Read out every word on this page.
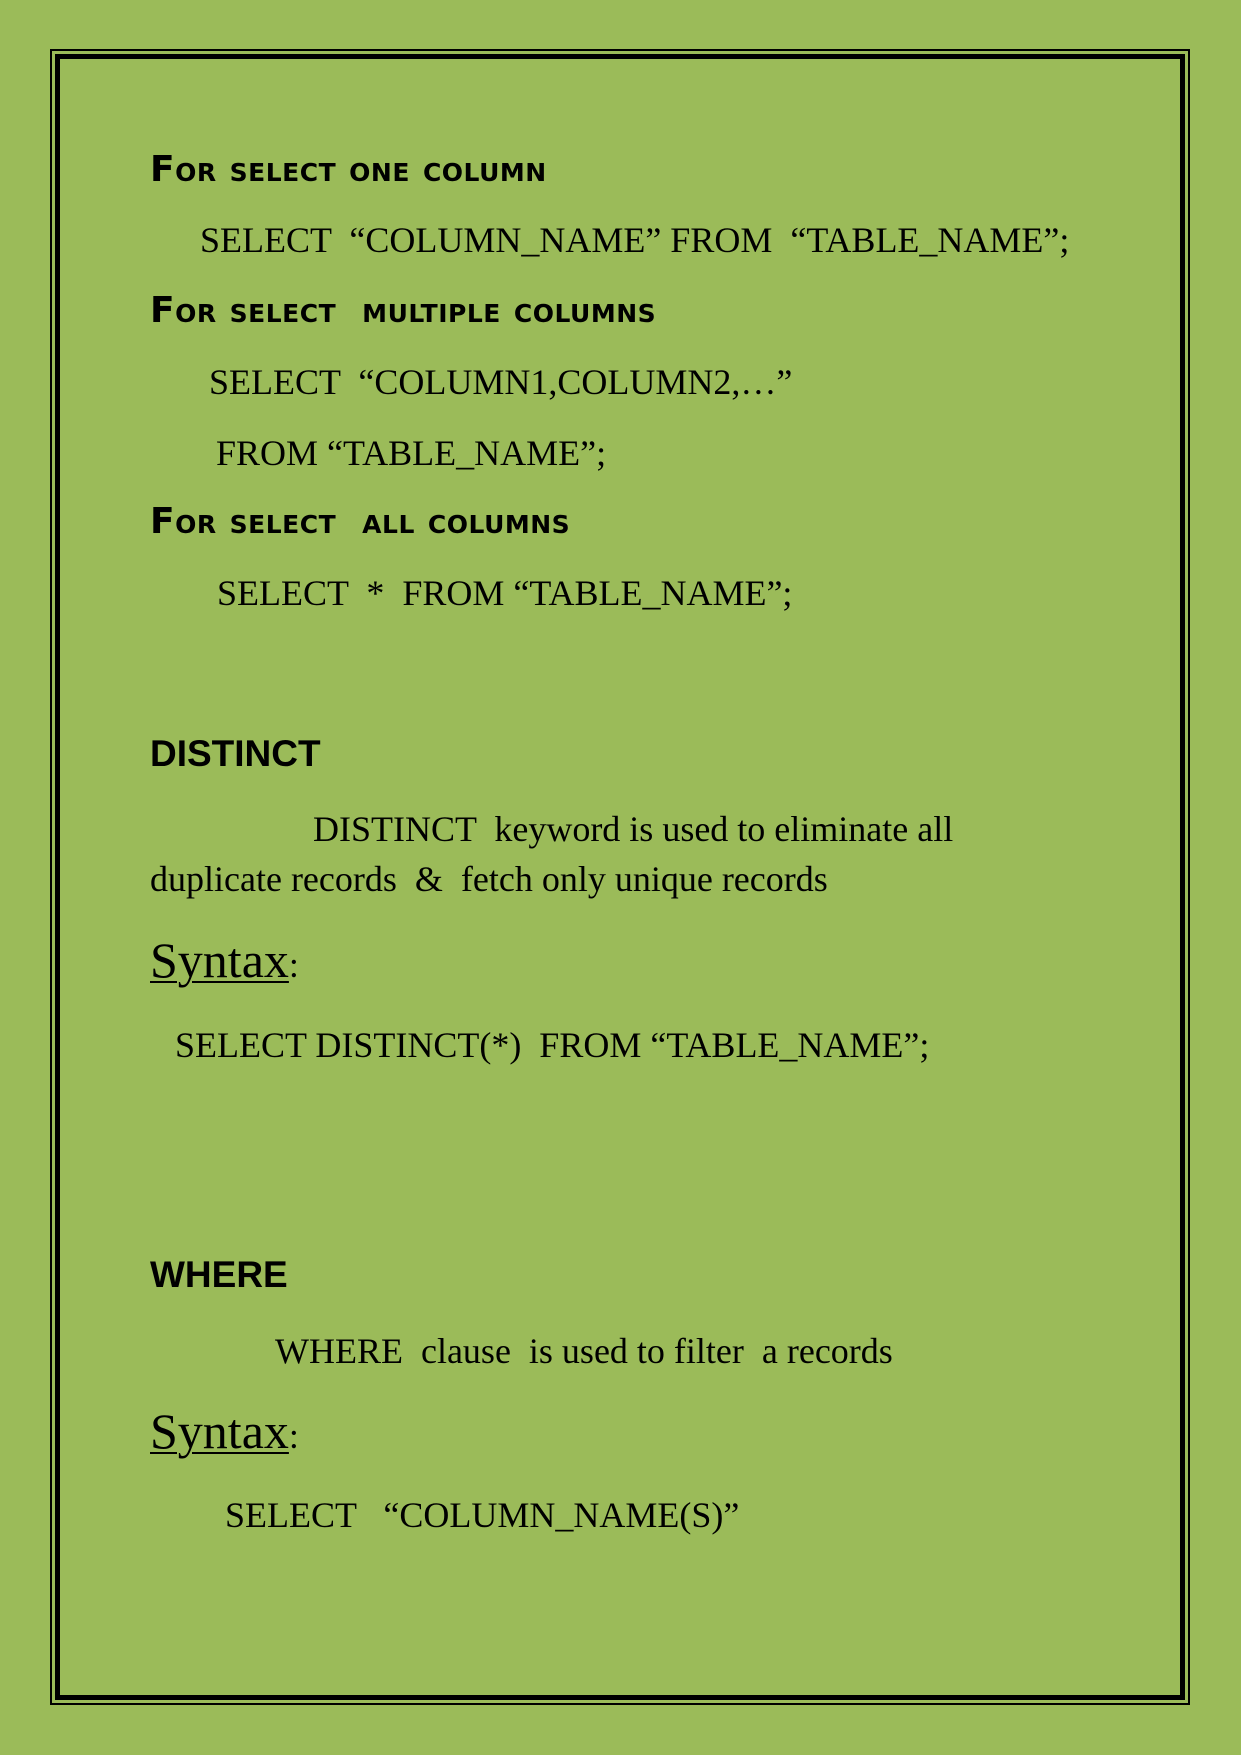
For select one column
SELECT  “COLUMN_NAME” FROM  “TABLE_NAME”;
For select  multiple columns
SELECT  “COLUMN1,COLUMN2,…”
FROM “TABLE_NAME”;
For select  all columns
SELECT  *  FROM “TABLE_NAME”;
DISTINCT
DISTINCT  keyword is used to eliminate all
duplicate records  &  fetch only unique records
Syntax:
SELECT DISTINCT(*)  FROM “TABLE_NAME”;
WHERE
WHERE  clause  is used to filter  a records
Syntax:
SELECT   “COLUMN_NAME(S)”
